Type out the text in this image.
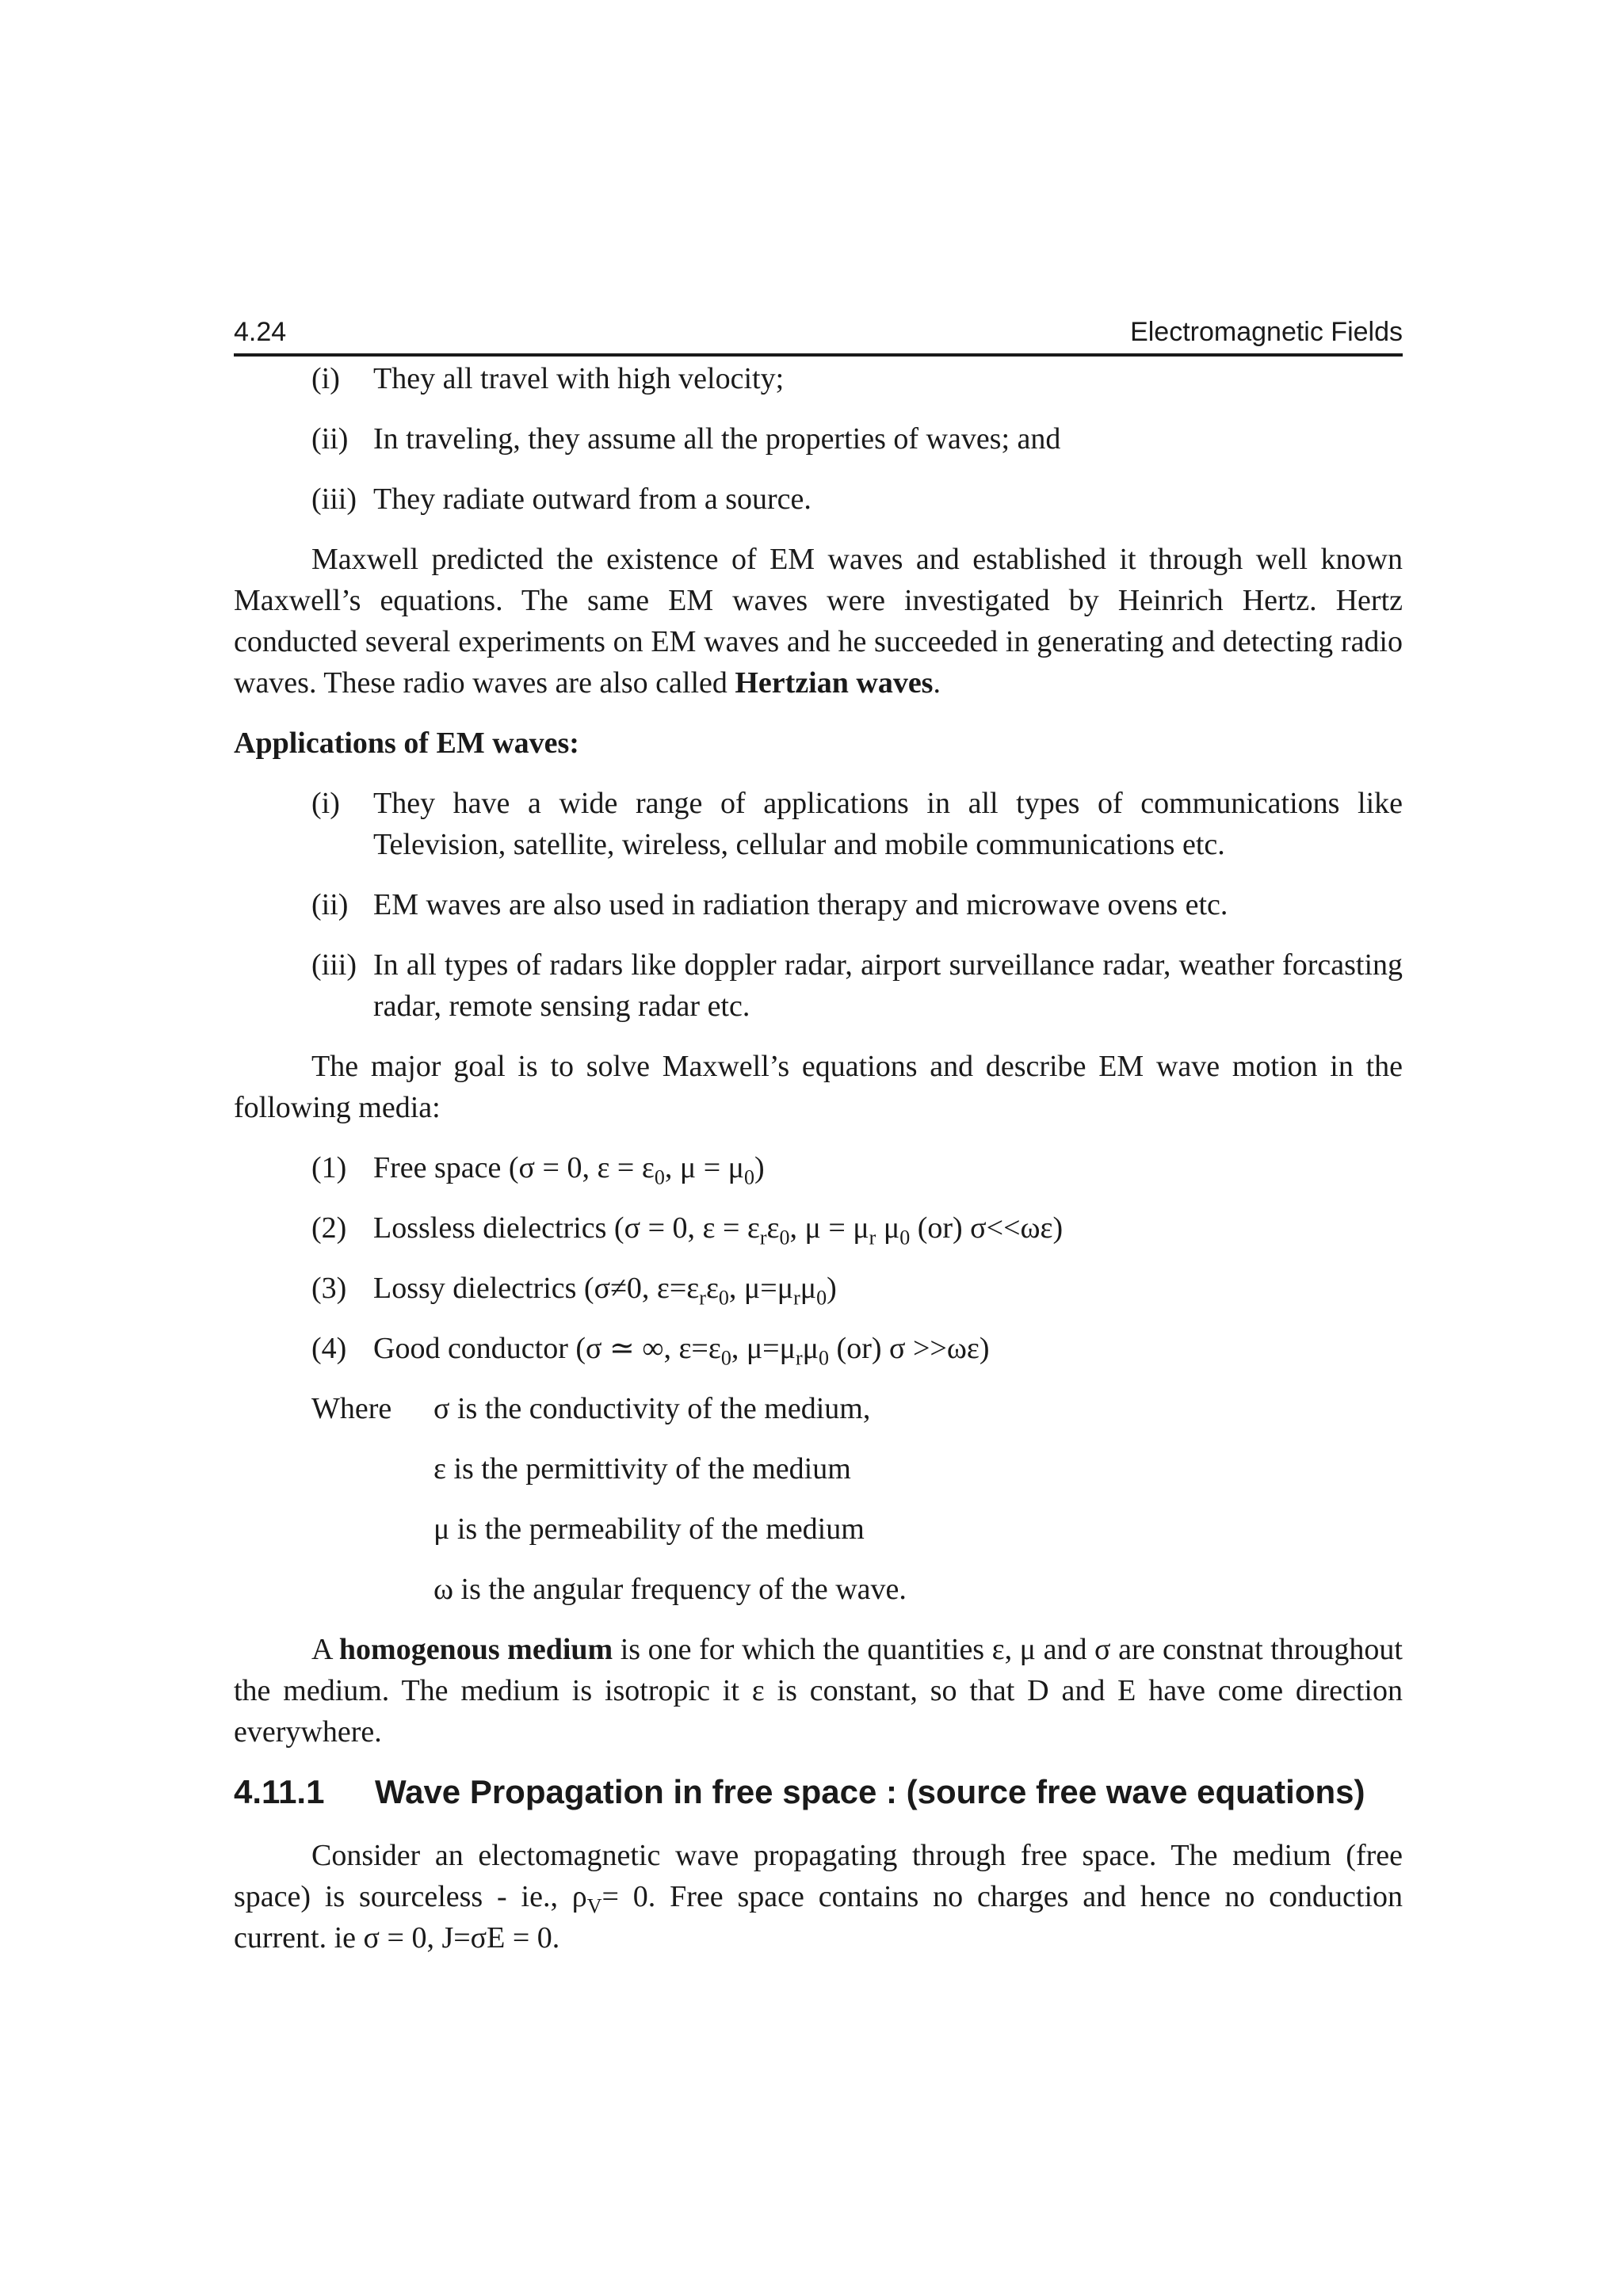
4.24	Electromagnetic Fields
(i)	They all travel with high velocity;
(ii) In traveling, they assume all the properties of waves; and
(iii) They radiate outward from a source.

Maxwell predicted the existence of EM waves and established it through well known Maxwell’s equations. The same EM waves were investigated by Heinrich Hertz. Hertz conducted several experiments on EM waves and he succeeded in generating and detecting radio waves. These radio waves are also called Hertzian waves.

Applications of EM waves:
(i)	They have a wide range of applications in all types of communications like Television, satellite, wireless, cellular and mobile communications etc.
(ii) EM waves are also used in radiation therapy and microwave ovens etc.
(iii) In all types of radars like doppler radar, airport surveillance radar, weather forcasting radar, remote sensing radar etc.

The major goal is to solve Maxwell’s equations and describe EM wave motion in the following media:

(1) Free space (σ = 0, $\varepsilon = \varepsilon_0$, $\mu = \mu_0$)
(2) Lossless dielectrics (σ = 0, $\varepsilon = \varepsilon_r\varepsilon_0$, $\mu = \mu_r$ $\mu_0$ (or) σ<<ωε)
(3) Lossy dielectrics (σ≠0, $\varepsilon=\varepsilon_r\varepsilon_0$, $\mu=\mu_r\mu_0$)
(4) Good conductor (σ ≃ ∞, $\varepsilon=\varepsilon_0$, $\mu=\mu_r\mu_0$ (or) σ >>ωε)
Where	σ is the conductivity of the medium,
ε is the permittivity of the medium
μ is the permeability of the medium
ω is the angular frequency of the wave.

A homogenous medium is one for which the quantities ε, μ and σ are constnat throughout the medium. The medium is isotropic it ε is constant, so that D and E have come direction everywhere.

4.11.1	Wave Propagation in free space : (source free wave equations)

Consider an electomagnetic wave propagating through free space. The medium (free space) is sourceless - ie., $\rho_V= 0$. Free space contains no charges and hence no conduction current. ie σ = 0, J=σE = 0.
